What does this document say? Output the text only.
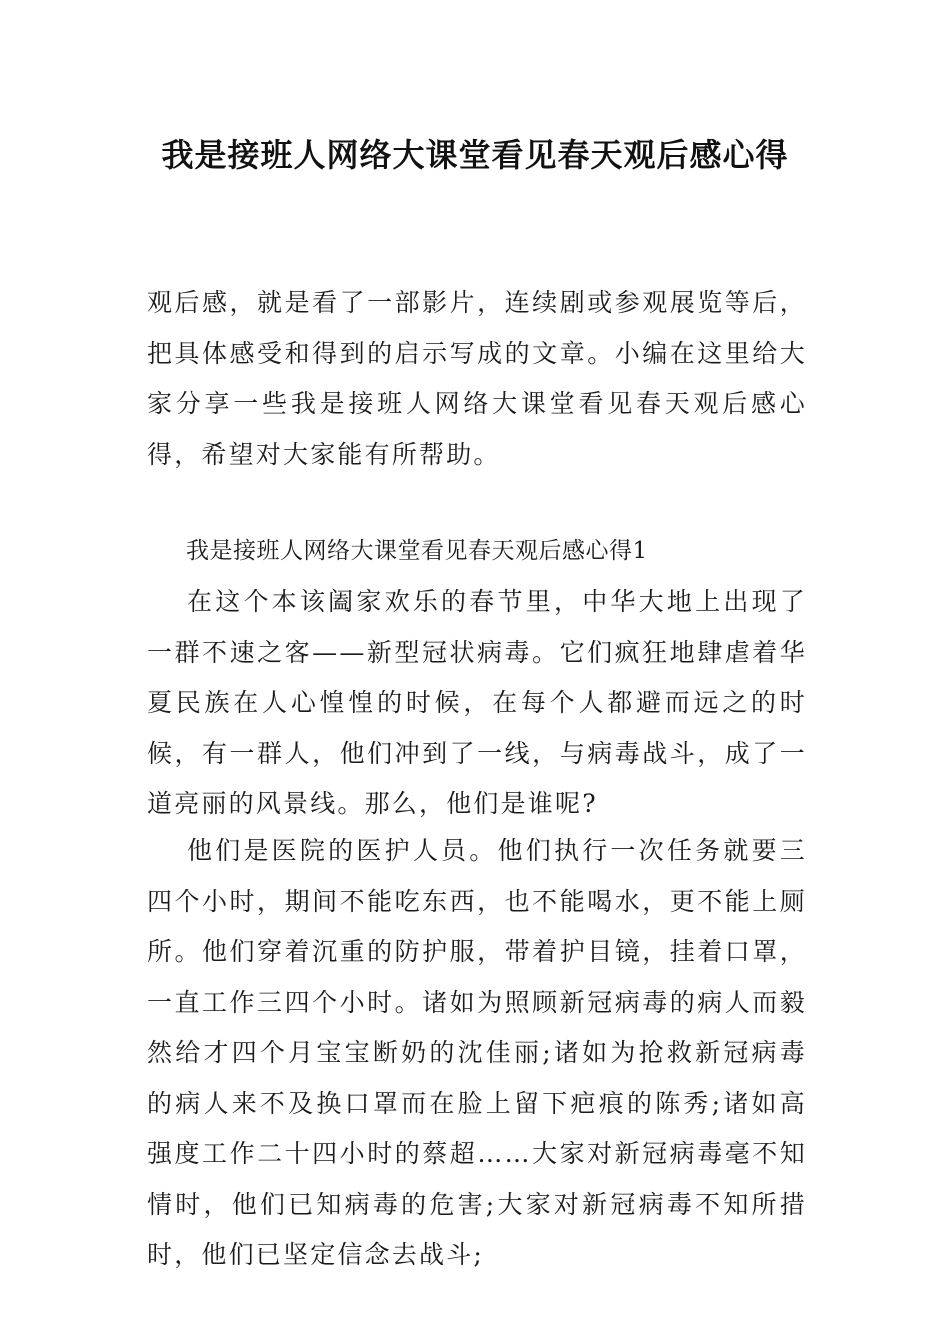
我是接班人网络大课堂看见春天观后感心得

观后感，就是看了一部影片，连续剧或参观展览等后，把具体感受和得到的启示写成的文章。小编在这里给大家分享一些我是接班人网络大课堂看见春天观后感心得，希望对大家能有所帮助。

我是接班人网络大课堂看见春天观后感心得1

在这个本该阖家欢乐的春节里，中华大地上出现了一群不速之客——新型冠状病毒。它们疯狂地肆虐着华夏民族在人心惶惶的时候，在每个人都避而远之的时候，有一群人，他们冲到了一线，与病毒战斗，成了一道亮丽的风景线。那么，他们是谁呢?

他们是医院的医护人员。他们执行一次任务就要三四个小时，期间不能吃东西，也不能喝水，更不能上厕所。他们穿着沉重的防护服，带着护目镜，挂着口罩，一直工作三四个小时。诸如为照顾新冠病毒的病人而毅然给才四个月宝宝断奶的沈佳丽;诸如为抢救新冠病毒的病人来不及换口罩而在脸上留下疤痕的陈秀;诸如高强度工作二十四小时的蔡超……大家对新冠病毒毫不知情时，他们已知病毒的危害;大家对新冠病毒不知所措时，他们已坚定信念去战斗;
